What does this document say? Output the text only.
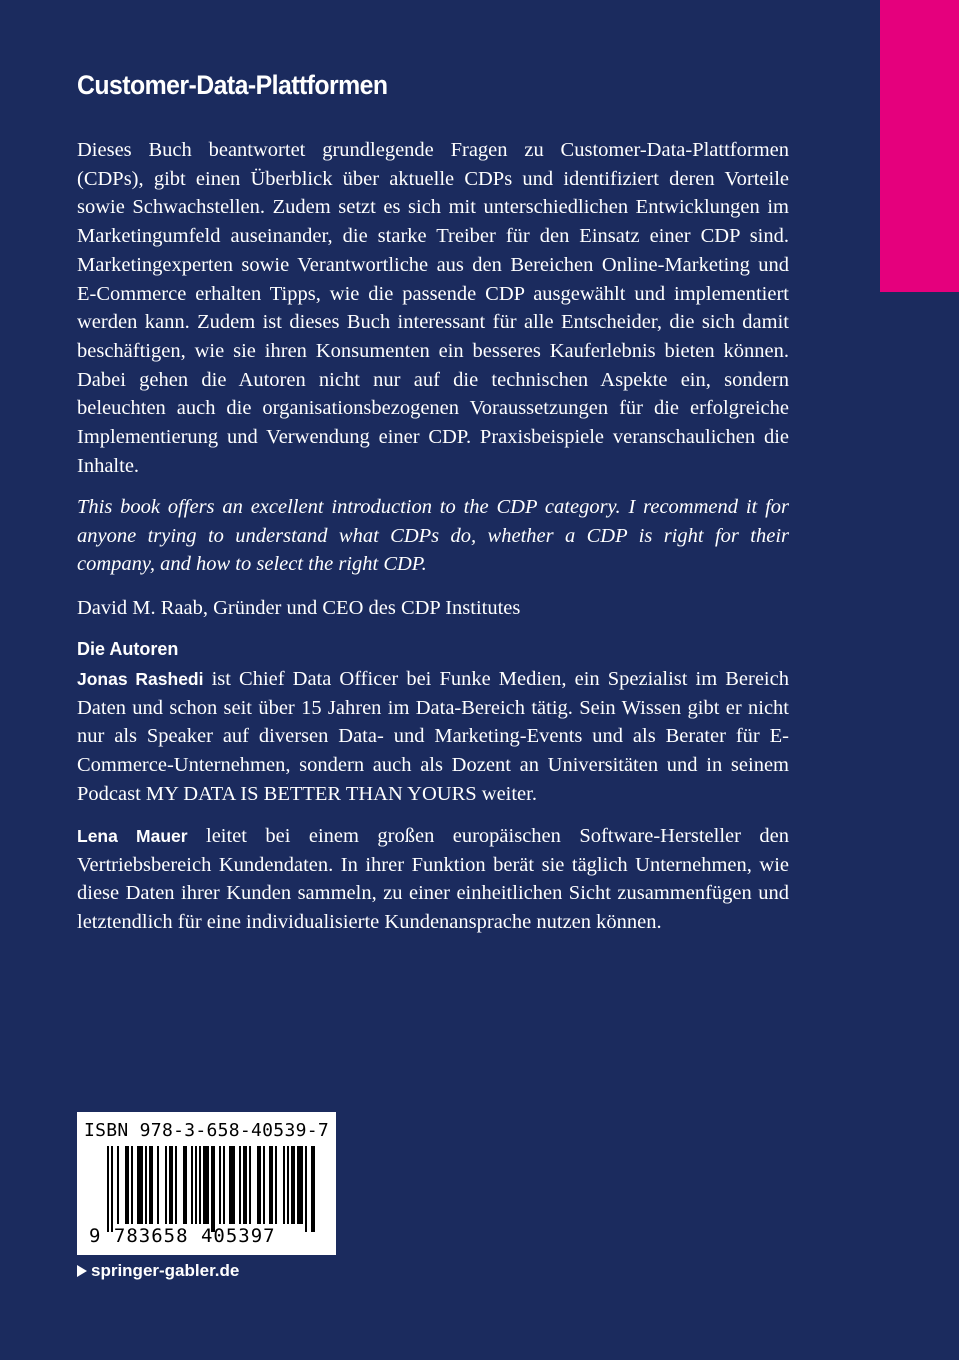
Customer-Data-Plattformen

Dieses Buch beantwortet grundlegende Fragen zu Customer-Data-Plattformen (CDPs), gibt einen Überblick über aktuelle CDPs und identifiziert deren Vorteile sowie Schwachstellen. Zudem setzt es sich mit unterschiedlichen Entwicklungen im Marketingumfeld auseinander, die starke Treiber für den Einsatz einer CDP sind. Marketingexperten sowie Verantwortliche aus den Bereichen Online-Marketing und E-Commerce erhalten Tipps, wie die passende CDP ausgewählt und implementiert werden kann. Zudem ist dieses Buch interessant für alle Entscheider, die sich damit beschäftigen, wie sie ihren Konsumenten ein besseres Kauferlebnis bieten können. Dabei gehen die Autoren nicht nur auf die technischen Aspekte ein, sondern beleuchten auch die organisationsbezogenen Voraussetzungen für die erfolgreiche Implementierung und Verwendung einer CDP. Praxisbeispiele veranschaulichen die Inhalte.

This book offers an excellent introduction to the CDP category. I recommend it for anyone trying to understand what CDPs do, whether a CDP is right for their company, and how to select the right CDP.

David M. Raab, Gründer und CEO des CDP Institutes

Die Autoren

Jonas Rashedi ist Chief Data Officer bei Funke Medien, ein Spezialist im Bereich Daten und schon seit über 15 Jahren im Data-Bereich tätig. Sein Wissen gibt er nicht nur als Speaker auf diversen Data- und Marketing-Events und als Berater für E-Commerce-Unternehmen, sondern auch als Dozent an Universitäten und in seinem Podcast MY DATA IS BETTER THAN YOURS weiter.

Lena Mauer leitet bei einem großen europäischen Software-Hersteller den Vertriebsbereich Kundendaten. In ihrer Funktion berät sie täglich Unternehmen, wie diese Daten ihrer Kunden sammeln, zu einer einheitlichen Sicht zusammenfügen und letztendlich für eine individualisierte Kundenansprache nutzen können.

ISBN 978-3-658-40539-7
9 783658 405397
springer-gabler.de
